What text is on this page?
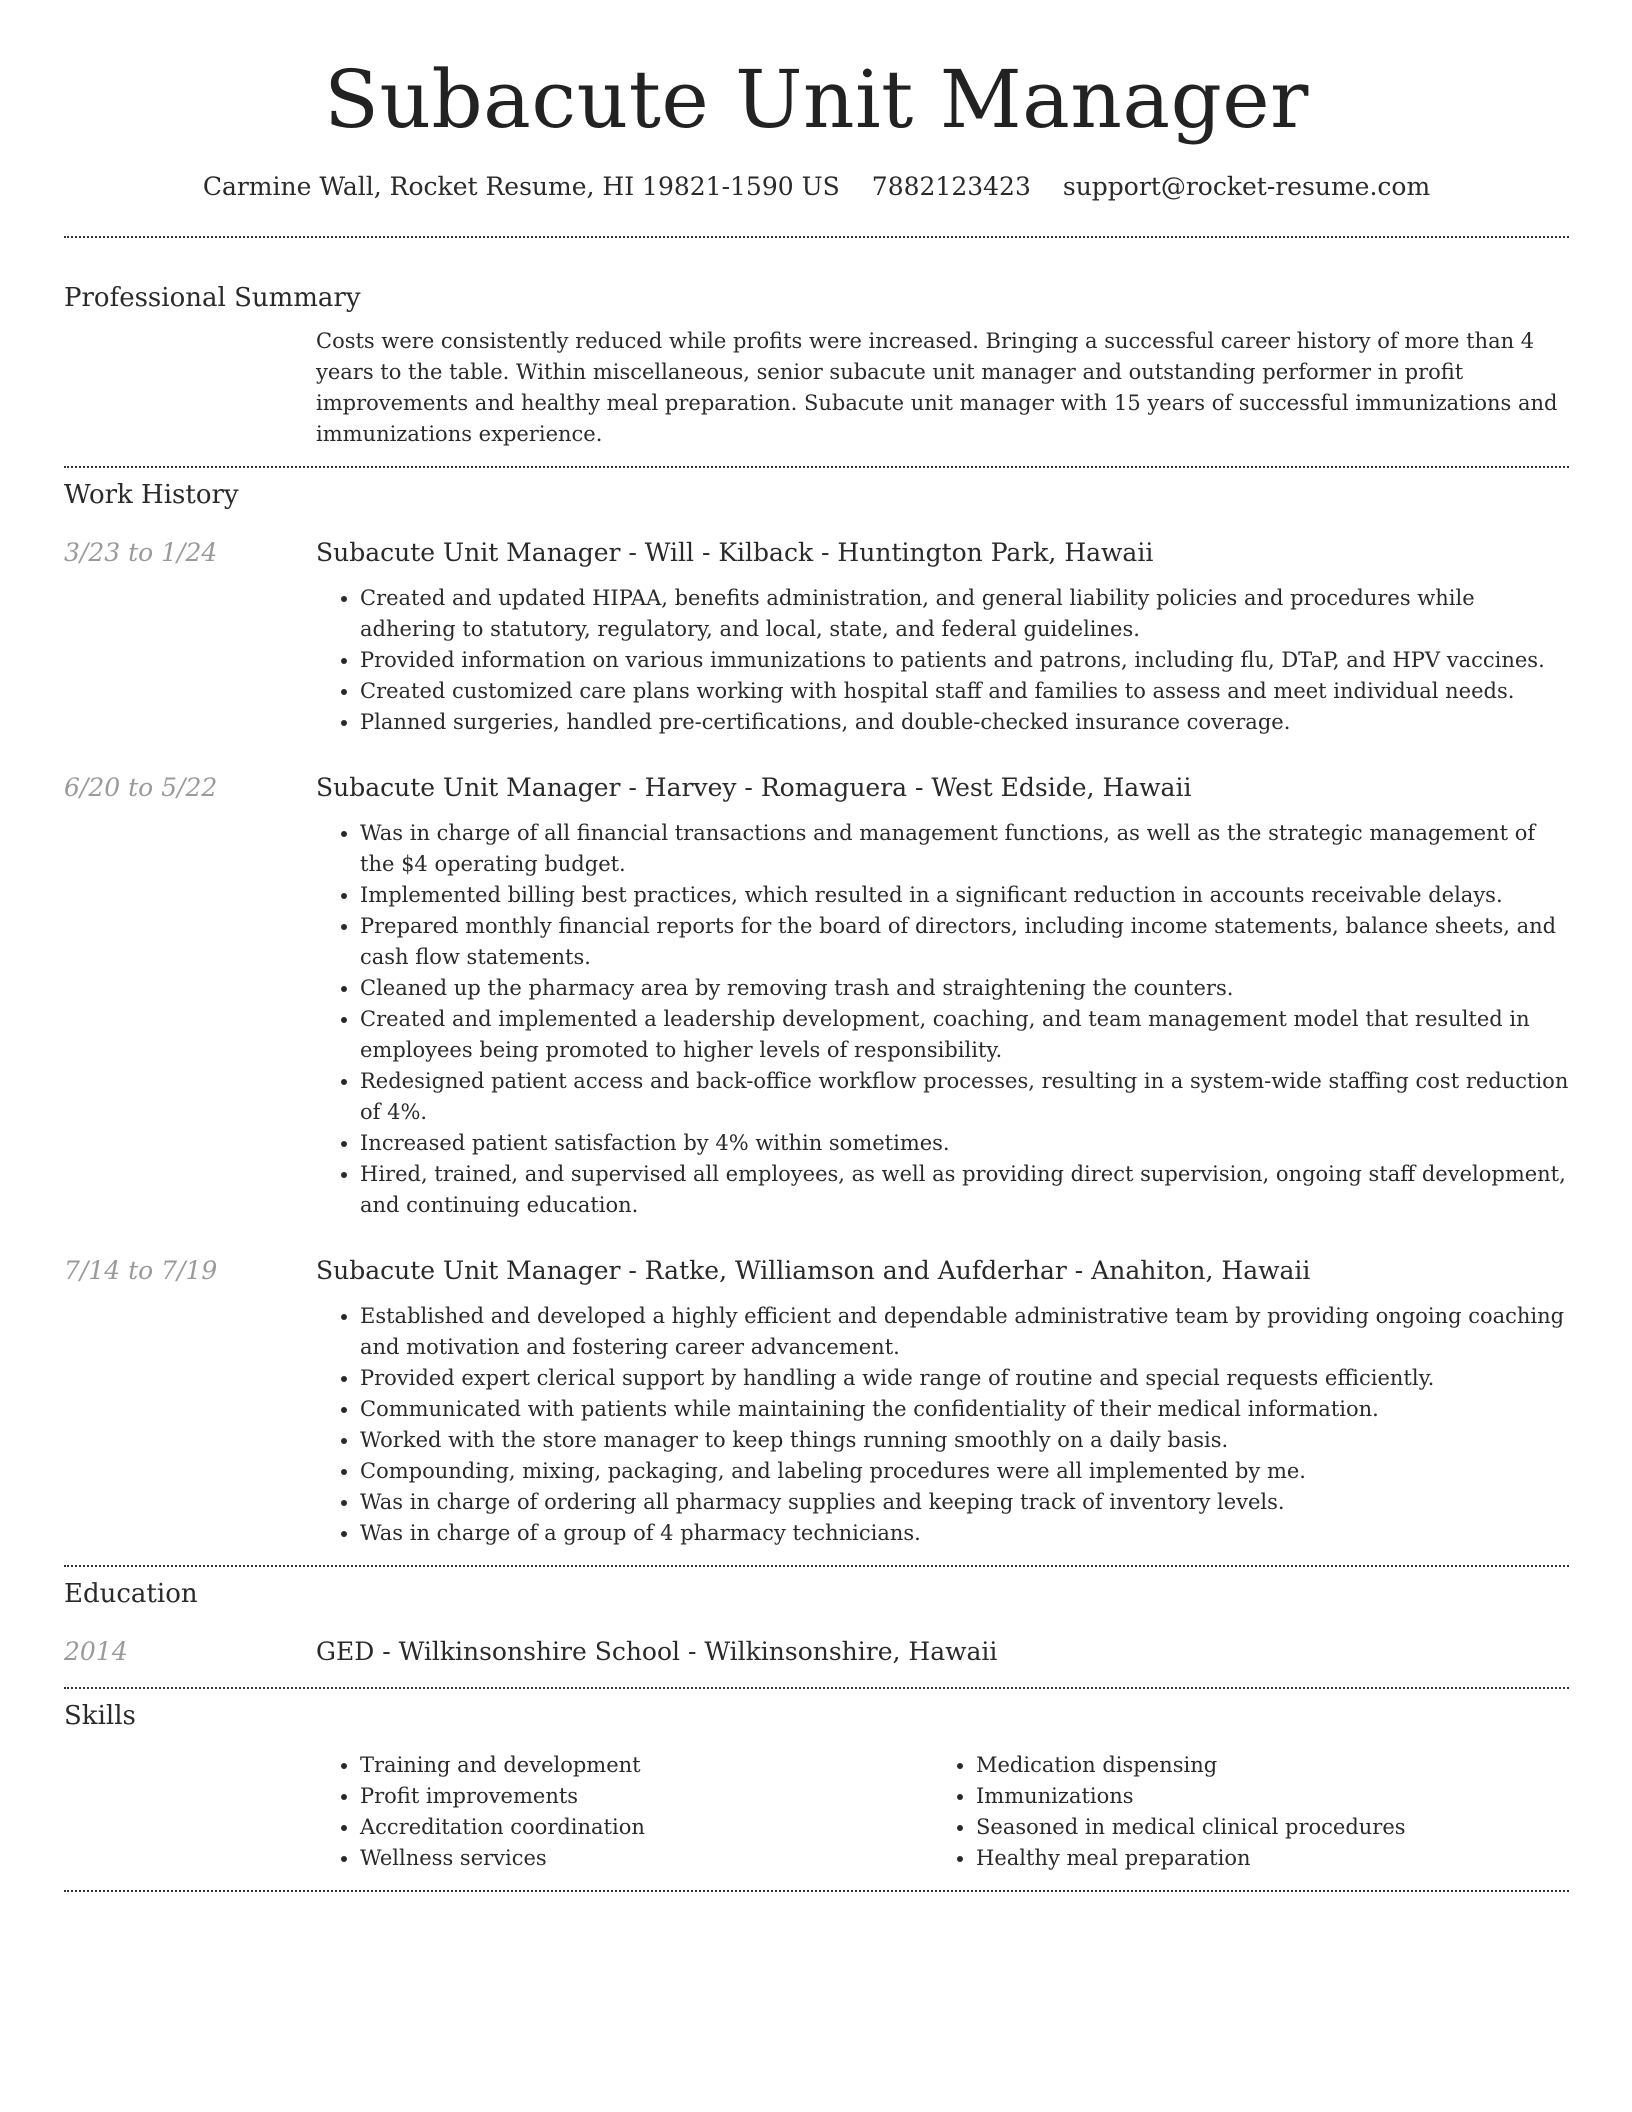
Subacute Unit Manager
Carmine Wall, Rocket Resume, HI 19821-1590 US 7882123423 support@rocket-resume.com
Professional Summary
Costs were consistently reduced while profits were increased. Bringing a successful career history of more than 4 years to the table. Within miscellaneous, senior subacute unit manager and outstanding performer in profit improvements and healthy meal preparation. Subacute unit manager with 15 years of successful immunizations and immunizations experience.
Work History
3/23 to 1/24	Subacute Unit Manager - Will - Kilback - Huntington Park, Hawaii
• Created and updated HIPAA, benefits administration, and general liability policies and procedures while adhering to statutory, regulatory, and local, state, and federal guidelines.
• Provided information on various immunizations to patients and patrons, including flu, DTaP, and HPV vaccines.
• Created customized care plans working with hospital staff and families to assess and meet individual needs.
• Planned surgeries, handled pre-certifications, and double-checked insurance coverage.
6/20 to 5/22	Subacute Unit Manager - Harvey - Romaguera - West Edside, Hawaii
• Was in charge of all financial transactions and management functions, as well as the strategic management of the $4 operating budget.
• Implemented billing best practices, which resulted in a significant reduction in accounts receivable delays.
• Prepared monthly financial reports for the board of directors, including income statements, balance sheets, and cash flow statements.
• Cleaned up the pharmacy area by removing trash and straightening the counters.
• Created and implemented a leadership development, coaching, and team management model that resulted in employees being promoted to higher levels of responsibility.
• Redesigned patient access and back-office workflow processes, resulting in a system-wide staffing cost reduction of 4%.
• Increased patient satisfaction by 4% within sometimes.
• Hired, trained, and supervised all employees, as well as providing direct supervision, ongoing staff development, and continuing education.
7/14 to 7/19	Subacute Unit Manager - Ratke, Williamson and Aufderhar - Anahiton, Hawaii
• Established and developed a highly efficient and dependable administrative team by providing ongoing coaching and motivation and fostering career advancement.
• Provided expert clerical support by handling a wide range of routine and special requests efficiently.
• Communicated with patients while maintaining the confidentiality of their medical information.
• Worked with the store manager to keep things running smoothly on a daily basis.
• Compounding, mixing, packaging, and labeling procedures were all implemented by me.
• Was in charge of ordering all pharmacy supplies and keeping track of inventory levels.
• Was in charge of a group of 4 pharmacy technicians.
Education
2014	GED - Wilkinsonshire School - Wilkinsonshire, Hawaii
Skills
• Training and development
• Profit improvements
• Accreditation coordination
• Wellness services
• Medication dispensing
• Immunizations
• Seasoned in medical clinical procedures
• Healthy meal preparation
